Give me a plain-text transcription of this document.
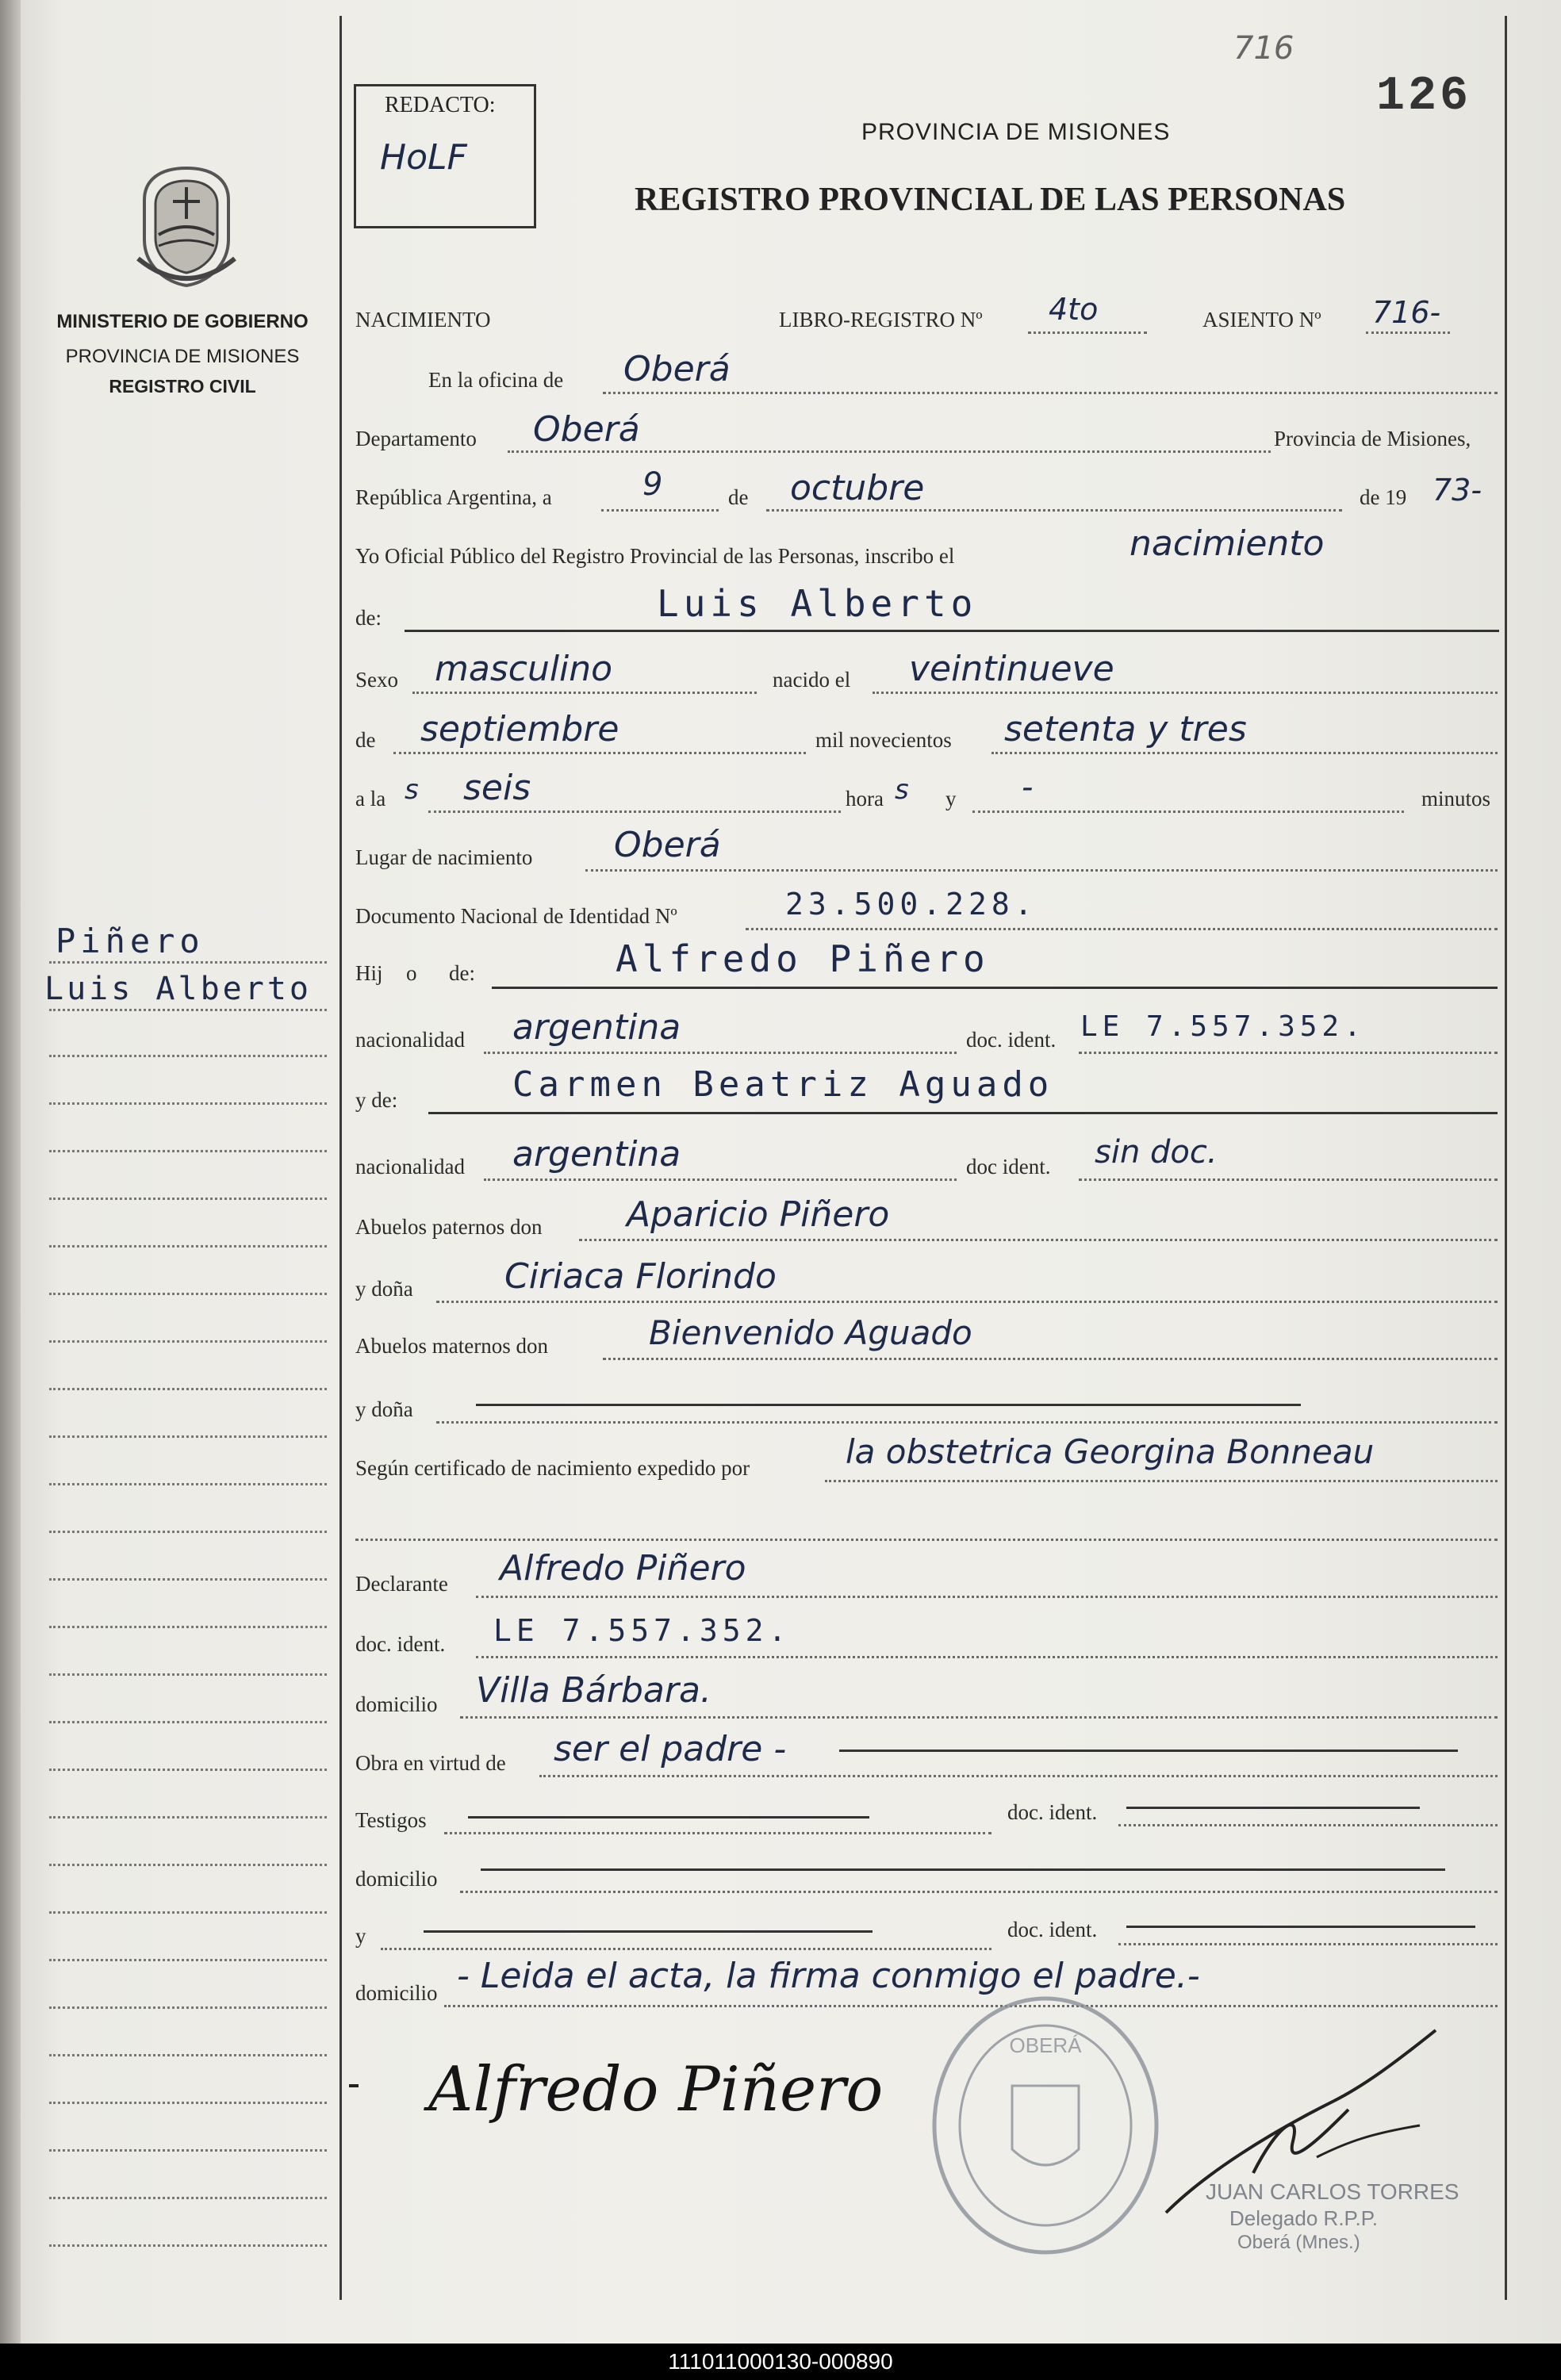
716
126
REDACTO:
HoLF
MINISTERIO DE GOBIERNO
PROVINCIA DE MISIONES
REGISTRO CIVIL
Piñero
Luis Alberto
PROVINCIA DE MISIONES
REGISTRO PROVINCIAL DE LAS PERSONAS
NACIMIENTO	LIBRO-REGISTRO Nº 4to	ASIENTO Nº 716-
En la oficina de Oberá
Departamento Oberá	Provincia de Misiones,
República Argentina, a	9	de octubre	de 19 73-
Yo Oficial Público del Registro Provincial de las Personas, inscribo el	nacimiento
de:	Luis Alberto
Sexo masculino	nacido el veintinueve
de septiembre	mil novecientos setenta y tres
a la s seis	hora s y -	minutos
Lugar de nacimiento Oberá
Documento Nacional de Identidad Nº	23.500.228.
Hij o de:	Alfredo Piñero
nacionalidad argentina	doc. ident. LE 7.557.352.
y de:	Carmen Beatriz Aguado
nacionalidad argentina	doc ident. sin doc.
Abuelos paternos don Aparicio Piñero
y doña	Ciriaca Florindo
Abuelos maternos don	Bienvenido Aguado
y doña
Según certificado de nacimiento expedido por	la obstetrica Georgina Bonneau
Declarante Alfredo Piñero
doc. ident. LE 7.557.352.
domicilio Villa Bárbara.
Obra en virtud de ser el padre -
Testigos	doc. ident.
domicilio
y	doc. ident.
domicilio - Leida el acta, la firma conmigo el padre.-
Alfredo Piñero
OBERÁ
JUAN CARLOS TORRES
Delegado R.P.P.
Oberá (Mnes.)
111011000130-000890
